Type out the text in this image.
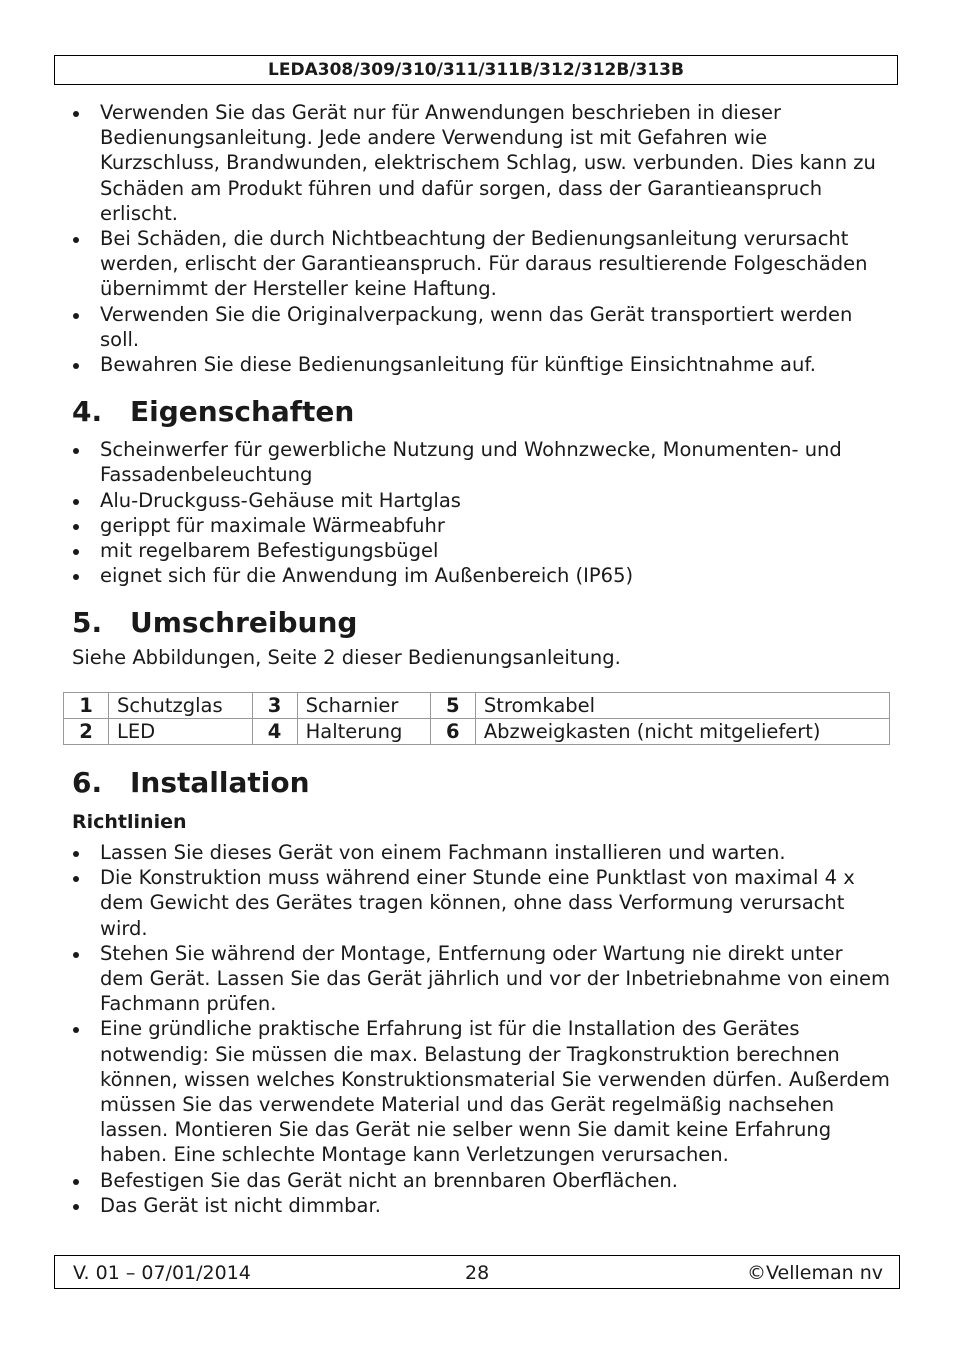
LEDA308/309/310/311/311B/312/312B/313B
Verwenden Sie das Gerät nur für Anwendungen beschrieben in dieser Bedienungsanleitung. Jede andere Verwendung ist mit Gefahren wie Kurzschluss, Brandwunden, elektrischem Schlag, usw. verbunden. Dies kann zu Schäden am Produkt führen und dafür sorgen, dass der Garantieanspruch erlischt.
Bei Schäden, die durch Nichtbeachtung der Bedienungsanleitung verursacht werden, erlischt der Garantieanspruch. Für daraus resultierende Folgeschäden übernimmt der Hersteller keine Haftung.
Verwenden Sie die Originalverpackung, wenn das Gerät transportiert werden soll.
Bewahren Sie diese Bedienungsanleitung für künftige Einsichtnahme auf.
4. Eigenschaften
Scheinwerfer für gewerbliche Nutzung und Wohnzwecke, Monumenten- und Fassadenbeleuchtung
Alu-Druckguss-Gehäuse mit Hartglas
gerippt für maximale Wärmeabfuhr
mit regelbarem Befestigungsbügel
eignet sich für die Anwendung im Außenbereich (IP65)
5. Umschreibung
Siehe Abbildungen, Seite 2 dieser Bedienungsanleitung.
1	Schutzglas	3	Scharnier	5	Stromkabel
2	LED	4	Halterung	6	Abzweigkasten (nicht mitgeliefert)
6. Installation
Richtlinien
Lassen Sie dieses Gerät von einem Fachmann installieren und warten.
Die Konstruktion muss während einer Stunde eine Punktlast von maximal 4 x dem Gewicht des Gerätes tragen können, ohne dass Verformung verursacht wird.
Stehen Sie während der Montage, Entfernung oder Wartung nie direkt unter dem Gerät. Lassen Sie das Gerät jährlich und vor der Inbetriebnahme von einem Fachmann prüfen.
Eine gründliche praktische Erfahrung ist für die Installation des Gerätes notwendig: Sie müssen die max. Belastung der Tragkonstruktion berechnen können, wissen welches Konstruktionsmaterial Sie verwenden dürfen. Außerdem müssen Sie das verwendete Material und das Gerät regelmäßig nachsehen lassen. Montieren Sie das Gerät nie selber wenn Sie damit keine Erfahrung haben. Eine schlechte Montage kann Verletzungen verursachen.
Befestigen Sie das Gerät nicht an brennbaren Oberflächen.
Das Gerät ist nicht dimmbar.
V. 01 – 07/01/2014	28	©Velleman nv
